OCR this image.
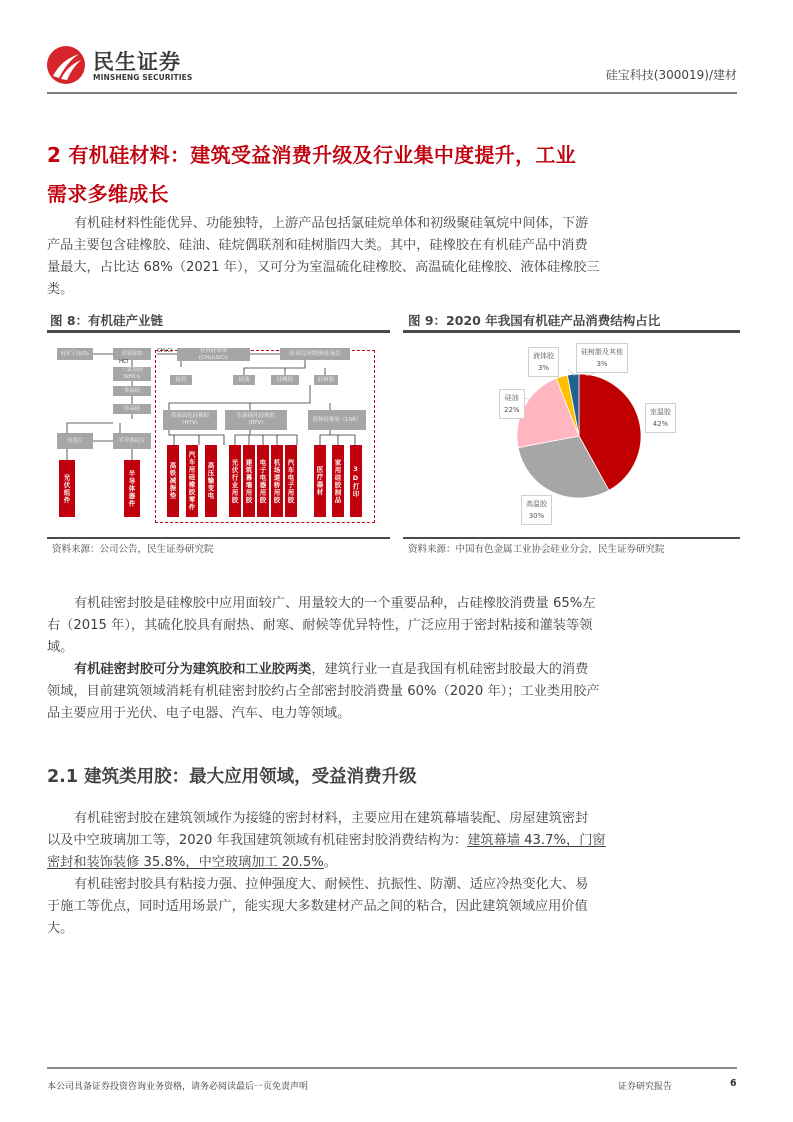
民生证券
MINSHENG SECURITIES	硅宝科技(300019)/建材
2 有机硅材料：建筑受益消费升级及行业集中度提升，工业
需求多维成长
有机硅材料性能优异、功能独特，上游产品包括氯硅烷单体和初级聚硅氧烷中间体，下游
产品主要包含硅橡胶、硅油、硅烷偶联剂和硅树脂四大类。其中，硅橡胶在有机硅产品中消费
量最大，占比达 68%（2021 年），又可分为室温硫化硅橡胶、高温硫化硅橡胶、液体硅橡胶三
类。
图 8：有机硅产业链
硅矿石SiO₂	金属硅Si
HCl
三氯氢硅
SiHCl₃
多晶硅
单晶硅
电池片	半导体硅片
光伏组件	半导体器件
CH₃Cl	有机硅单体
(CH₃)₂SiCl₂
硅氧烷/初级聚硅氧烷
硅烷	硅油	硅橡胶	硅树脂
高温硫化硅橡胶
(HTV)
室温硫化硅橡胶
(RTV)
液体硅橡胶（LSR）
高铁减振垫	汽车用硅橡胶零件	高压输变电	光伏行业用胶 建筑幕墙用胶 电子电器用胶 机场道桥用胶 汽车电子用胶	医疗器材	家用硅胶制品	3D打印
资料来源：公司公告，民生证券研究院
图 9：2020 年我国有机硅产品消费结构占比
液体胶
3%
硅树脂及其他
3%
硅油
22%	室温胶
42%
高温胶
30%
资料来源：中国有色金属工业协会硅业分会，民生证券研究院
有机硅密封胶是硅橡胶中应用面较广、用量较大的一个重要品种，占硅橡胶消费量 65%左
右（2015 年），其硫化胶具有耐热、耐寒、耐候等优异特性，广泛应用于密封粘接和灌装等领
域。
有机硅密封胶可分为建筑胶和工业胶两类，建筑行业一直是我国有机硅密封胶最大的消费
领域，目前建筑领域消耗有机硅密封胶约占全部密封胶消费量 60%（2020 年）；工业类用胶产
品主要应用于光伏、电子电器、汽车、电力等领域。
2.1 建筑类用胶：最大应用领域，受益消费升级
有机硅密封胶在建筑领域作为接缝的密封材料，主要应用在建筑幕墙装配、房屋建筑密封
以及中空玻璃加工等，2020 年我国建筑领域有机硅密封胶消费结构为：建筑幕墙 43.7%，门窗
密封和装饰装修 35.8%，中空玻璃加工 20.5%。
有机硅密封胶具有粘接力强、拉伸强度大、耐候性、抗振性、防潮、适应冷热变化大、易
于施工等优点，同时适用场景广，能实现大多数建材产品之间的粘合，因此建筑领域应用价值
大。
本公司具备证券投资咨询业务资格，请务必阅读最后一页免责声明	证券研究报告	6
